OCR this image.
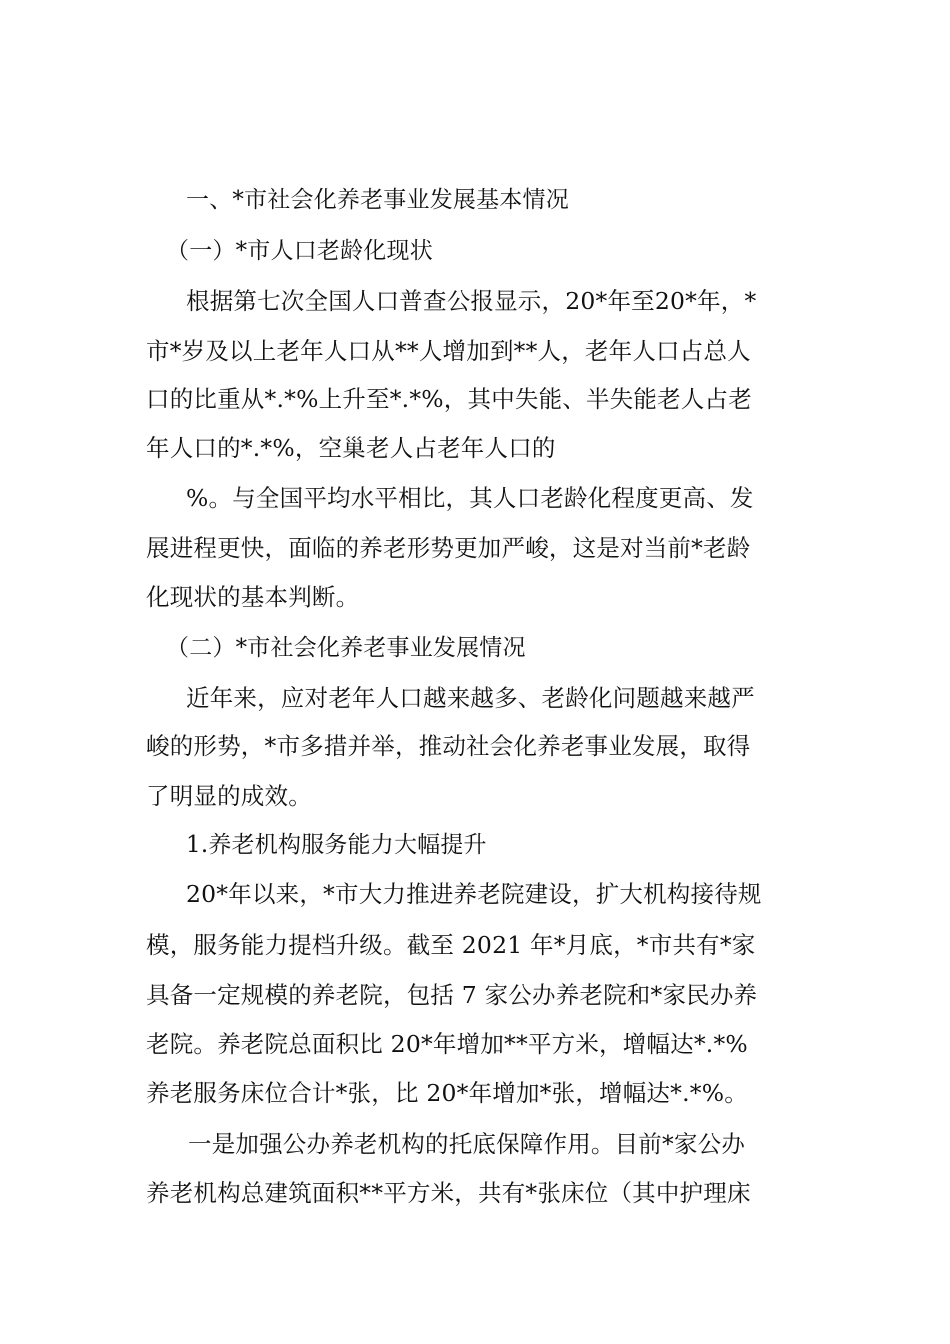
一、*市社会化养老事业发展基本情况
（一）*市人口老龄化现状
根据第七次全国人口普查公报显示，20*年至20*年，*
市*岁及以上老年人口从**人增加到**人，老年人口占总人
口的比重从*.*%上升至*.*%，其中失能、半失能老人占老
年人口的*.*%，空巢老人占老年人口的
%。与全国平均水平相比，其人口老龄化程度更高、发
展进程更快，面临的养老形势更加严峻，这是对当前*老龄
化现状的基本判断。
（二）*市社会化养老事业发展情况
近年来，应对老年人口越来越多、老龄化问题越来越严
峻的形势，*市多措并举，推动社会化养老事业发展，取得
了明显的成效。
1.养老机构服务能力大幅提升
20*年以来，*市大力推进养老院建设，扩大机构接待规
模，服务能力提档升级。截至 2021 年*月底，*市共有*家
具备一定规模的养老院，包括 7 家公办养老院和*家民办养
老院。养老院总面积比 20*年增加**平方米，增幅达*.*%
养老服务床位合计*张，比 20*年增加*张，增幅达*.*%。
一是加强公办养老机构的托底保障作用。目前*家公办
养老机构总建筑面积**平方米，共有*张床位（其中护理床
